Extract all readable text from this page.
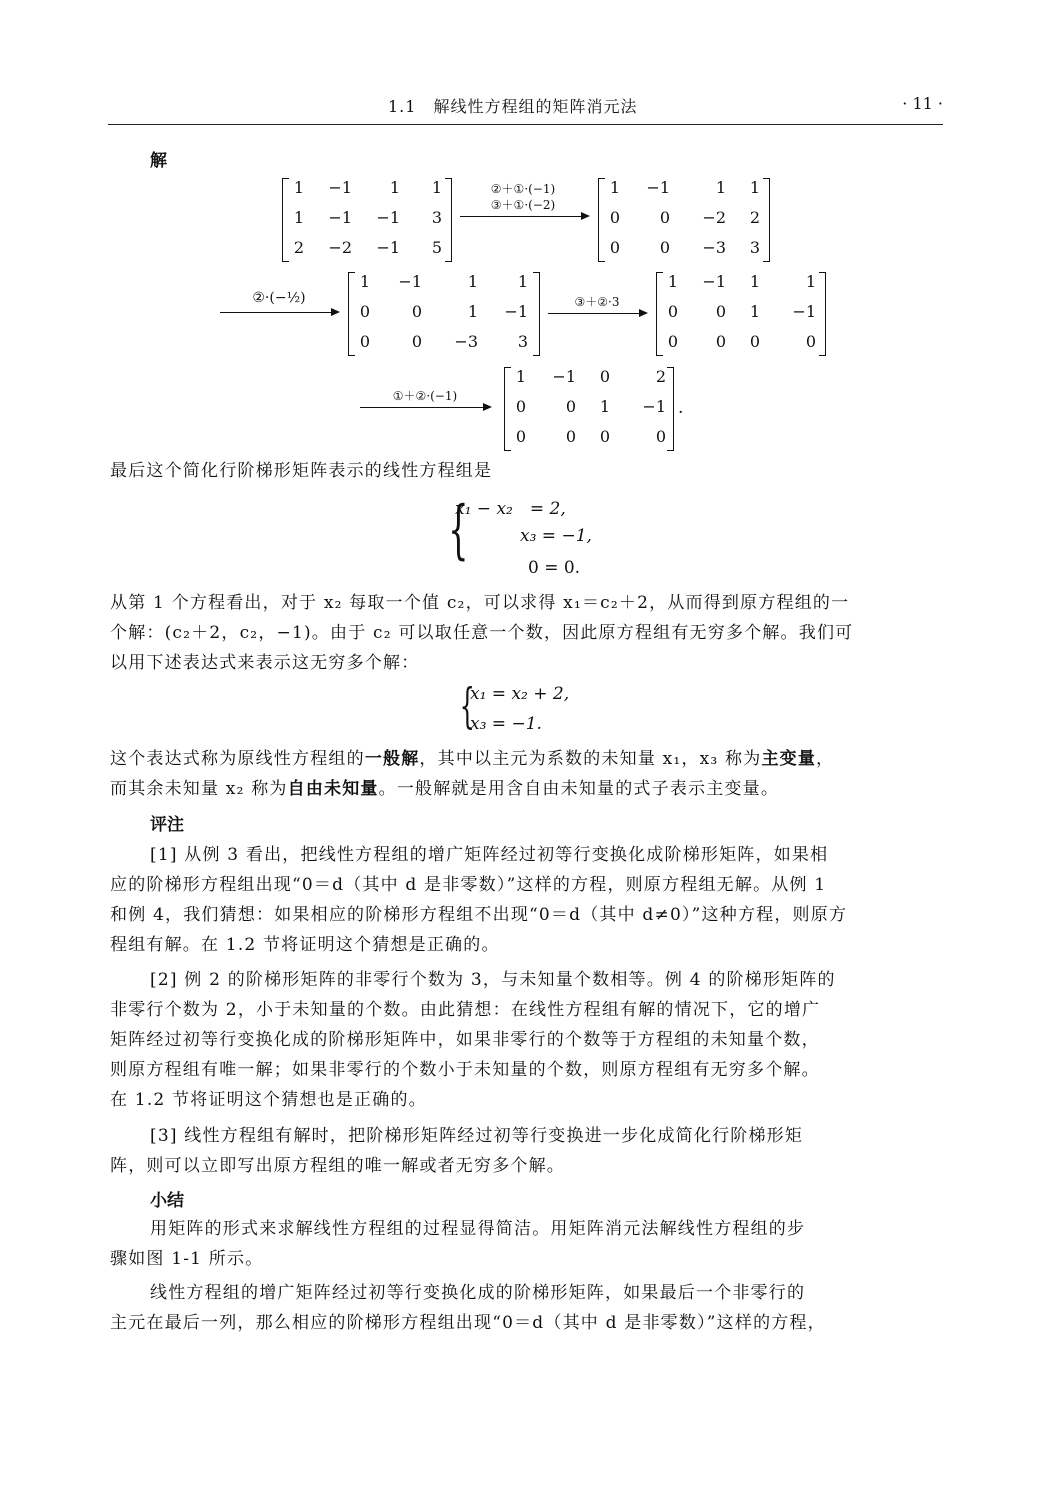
1.1　解线性方程组的矩阵消元法	· 11 ·
解
1	−1	1	1
1	−1	−1	3
2	−2	−1	5
②＋①·(−1)
③＋①·(−2)
1	−1	1	1
0	0	−2	2
0	0	−3	3
②·(−½)
1	−1	1	1
0	0	1	−1
0	0	−3	3
③＋②·3
1	−1	1	1
0	0	1	−1
0	0	0	0
①＋②·(−1)
1	−1	0	2
0	0	1	−1
0	0	0	0
.
最后这个简化行阶梯形矩阵表示的线性方程组是
{
x₁ − x₂　= 2,
x₃ = −1,
0 = 0.
从第 1 个方程看出，对于 x₂ 每取一个值 c₂，可以求得 x₁＝c₂＋2，从而得到原方程组的一
个解：(c₂＋2，c₂，−1)。由于 c₂ 可以取任意一个数，因此原方程组有无穷多个解。我们可
以用下述表达式来表示这无穷多个解：
{
x₁ = x₂ + 2,
x₃ = −1.
这个表达式称为原线性方程组的一般解，其中以主元为系数的未知量 x₁，x₃ 称为主变量，
而其余未知量 x₂ 称为自由未知量。一般解就是用含自由未知量的式子表示主变量。
评注
[1] 从例 3 看出，把线性方程组的增广矩阵经过初等行变换化成阶梯形矩阵，如果相
应的阶梯形方程组出现“0＝d（其中 d 是非零数）”这样的方程，则原方程组无解。从例 1
和例 4，我们猜想：如果相应的阶梯形方程组不出现“0＝d（其中 d≠0）”这种方程，则原方
程组有解。在 1.2 节将证明这个猜想是正确的。
[2] 例 2 的阶梯形矩阵的非零行个数为 3，与未知量个数相等。例 4 的阶梯形矩阵的
非零行个数为 2，小于未知量的个数。由此猜想：在线性方程组有解的情况下，它的增广
矩阵经过初等行变换化成的阶梯形矩阵中，如果非零行的个数等于方程组的未知量个数，
则原方程组有唯一解；如果非零行的个数小于未知量的个数，则原方程组有无穷多个解。
在 1.2 节将证明这个猜想也是正确的。
[3] 线性方程组有解时，把阶梯形矩阵经过初等行变换进一步化成简化行阶梯形矩
阵，则可以立即写出原方程组的唯一解或者无穷多个解。
小结
用矩阵的形式来求解线性方程组的过程显得简洁。用矩阵消元法解线性方程组的步
骤如图 1-1 所示。
线性方程组的增广矩阵经过初等行变换化成的阶梯形矩阵，如果最后一个非零行的
主元在最后一列，那么相应的阶梯形方程组出现“0＝d（其中 d 是非零数）”这样的方程，
